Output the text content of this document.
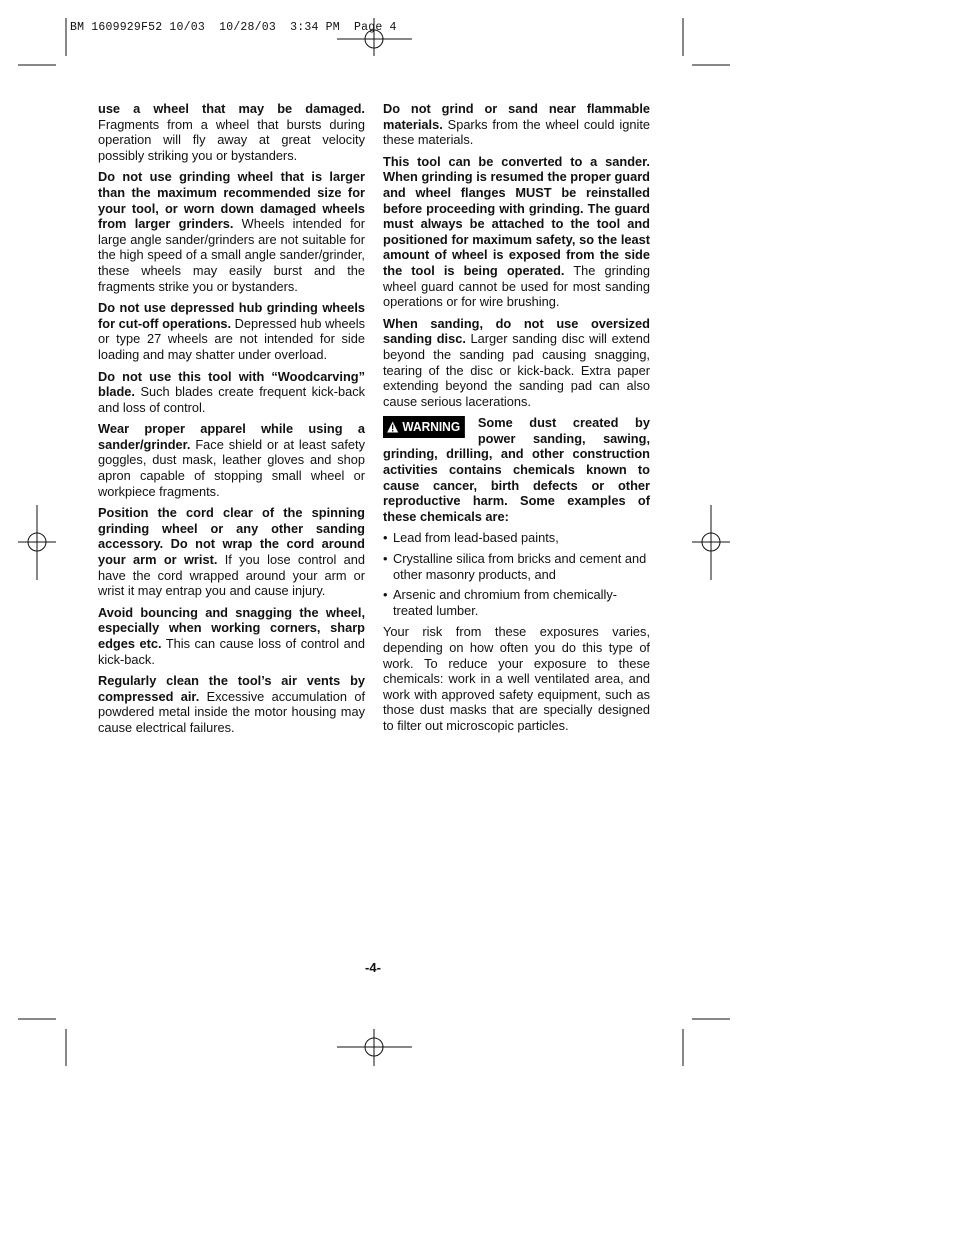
BM 1609929F52 10/03  10/28/03  3:34 PM  Page 4

use a wheel that may be damaged. Fragments from a wheel that bursts during operation will fly away at great velocity possibly striking you or bystanders.

Do not use grinding wheel that is larger than the maximum recommended size for your tool, or worn down damaged wheels from larger grinders. Wheels intended for large angle sander/grinders are not suitable for the high speed of a small angle sander/grinder, these wheels may easily burst and the fragments strike you or bystanders.

Do not use depressed hub grinding wheels for cut-off operations. Depressed hub wheels or type 27 wheels are not intended for side loading and may shatter under overload.

Do not use this tool with “Woodcarving” blade. Such blades create frequent kick-back and loss of control.

Wear proper apparel while using a sander/grinder. Face shield or at least safety goggles, dust mask, leather gloves and shop apron capable of stopping small wheel or workpiece fragments.

Position the cord clear of the spinning grinding wheel or any other sanding accessory. Do not wrap the cord around your arm or wrist. If you lose control and have the cord wrapped around your arm or wrist it may entrap you and cause injury.

Avoid bouncing and snagging the wheel, especially when working corners, sharp edges etc. This can cause loss of control and kick-back.

Regularly clean the tool’s air vents by compressed air. Excessive accumulation of powdered metal inside the motor housing may cause electrical failures.

Do not grind or sand near flammable materials. Sparks from the wheel could ignite these materials.

This tool can be converted to a sander. When grinding is resumed the proper guard and wheel flanges MUST be reinstalled before proceeding with grinding. The guard must always be attached to the tool and positioned for maximum safety, so the least amount of wheel is exposed from the side the tool is being operated. The grinding wheel guard cannot be used for most sanding operations or for wire brushing.

When sanding, do not use oversized sanding disc. Larger sanding disc will extend beyond the sanding pad causing snagging, tearing of the disc or kick-back. Extra paper extending beyond the sanding pad can also cause serious lacerations.

WARNING Some dust created by power sanding, sawing, grinding, drilling, and other construction activities contains chemicals known to cause cancer, birth defects or other reproductive harm. Some examples of these chemicals are:

• Lead from lead-based paints,
• Crystalline silica from bricks and cement and other masonry products, and
• Arsenic and chromium from chemically-treated lumber.

Your risk from these exposures varies, depending on how often you do this type of work. To reduce your exposure to these chemicals: work in a well ventilated area, and work with approved safety equipment, such as those dust masks that are specially designed to filter out microscopic particles.

-4-
